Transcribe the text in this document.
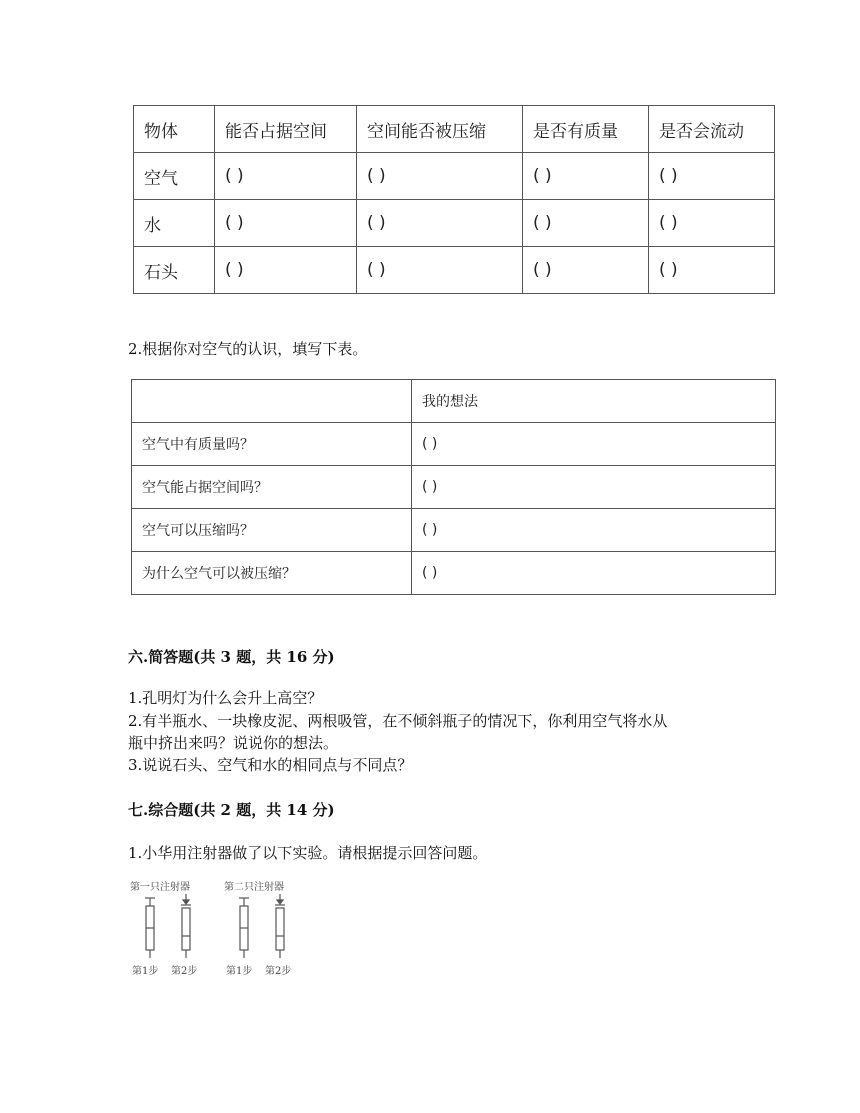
物体	能否占据空间	空间能否被压缩	是否有质量	是否会流动
空气	( )	( )	( )	( )
水	( )	( )	( )	( )
石头	( )	( )	( )	( )
2.根据你对空气的认识，填写下表。
	我的想法
空气中有质量吗？	( )
空气能占据空间吗？	( )
空气可以压缩吗？	( )
为什么空气可以被压缩？	( )
六.简答题(共 3 题，共 16 分)
1.孔明灯为什么会升上高空？
2.有半瓶水、一块橡皮泥、两根吸管，在不倾斜瓶子的情况下，你利用空气将水从
瓶中挤出来吗？说说你的想法。
3.说说石头、空气和水的相同点与不同点？
七.综合题(共 2 题，共 14 分)
1.小华用注射器做了以下实验。请根据提示回答问题。
第一只注射器	第二只注射器
第1步 第2步	第1步 第2步
